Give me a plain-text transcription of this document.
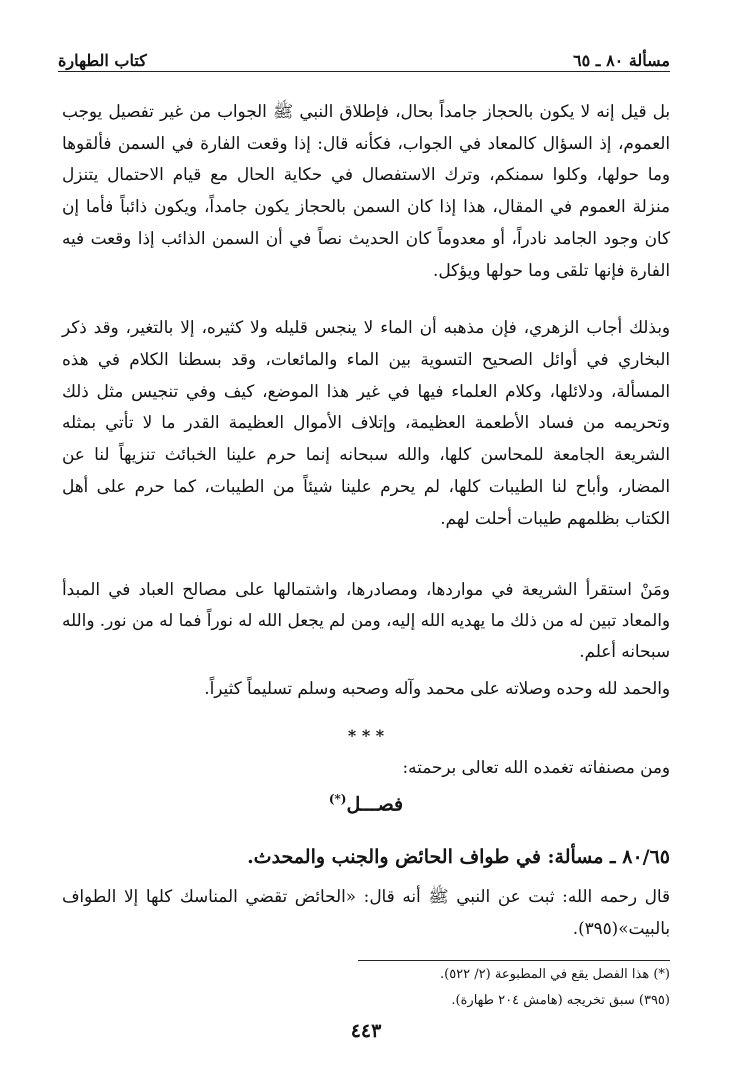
مسألة ٨٠ ـ ٦٥
كتاب الطهارة

بل قيل إنه لا يكون بالحجاز جامداً بحال، فإطلاق النبي ﷺ الجواب من غير تفصيل يوجب العموم، إذ السؤال كالمعاد في الجواب، فكأنه قال: إذا وقعت الفارة في السمن فألقوها وما حولها، وكلوا سمنكم، وترك الاستفصال في حكاية الحال مع قيام الاحتمال يتنزل منزلة العموم في المقال، هذا إذا كان السمن بالحجاز يكون جامداً، ويكون ذائباً فأما إن كان وجود الجامد نادراً، أو معدوماً كان الحديث نصاً في أن السمن الذائب إذا وقعت فيه الفارة فإنها تلقى وما حولها ويؤكل.

وبذلك أجاب الزهري، فإن مذهبه أن الماء لا ينجس قليله ولا كثيره، إلا بالتغير، وقد ذكر البخاري في أوائل الصحيح التسوية بين الماء والمائعات، وقد بسطنا الكلام في هذه المسألة، ودلائلها، وكلام العلماء فيها في غير هذا الموضع، كيف وفي تنجيس مثل ذلك وتحريمه من فساد الأطعمة العظيمة، وإتلاف الأموال العظيمة القدر ما لا تأتي بمثله الشريعة الجامعة للمحاسن كلها، والله سبحانه إنما حرم علينا الخبائث تنزيهاً لنا عن المضار، وأباح لنا الطيبات كلها، لم يحرم علينا شيئاً من الطيبات، كما حرم على أهل الكتاب بظلمهم طيبات أحلت لهم.

ومَنْ استقرأ الشريعة في مواردها، ومصادرها، واشتمالها على مصالح العباد في المبدأ والمعاد تبين له من ذلك ما يهديه الله إليه، ومن لم يجعل الله له نوراً فما له من نور. والله سبحانه أعلم.

والحمد لله وحده وصلاته على محمد وآله وصحبه وسلم تسليماً كثيراً.

* * *

ومن مصنفاته تغمده الله تعالى برحمته:

فصـــل(*)
٨٠/٦٥ ـ مسألة: في طواف الحائض والجنب والمحدث.

قال رحمه الله: ثبت عن النبي ﷺ أنه قال: «الحائض تقضي المناسك كلها إلا الطواف بالبيت»(٣٩٥).

(*) هذا الفصل يقع في المطبوعة (٢/ ٥٢٢).
(٣٩٥) سبق تخريجه (هامش ٢٠٤ طهارة).
٤٤٣
